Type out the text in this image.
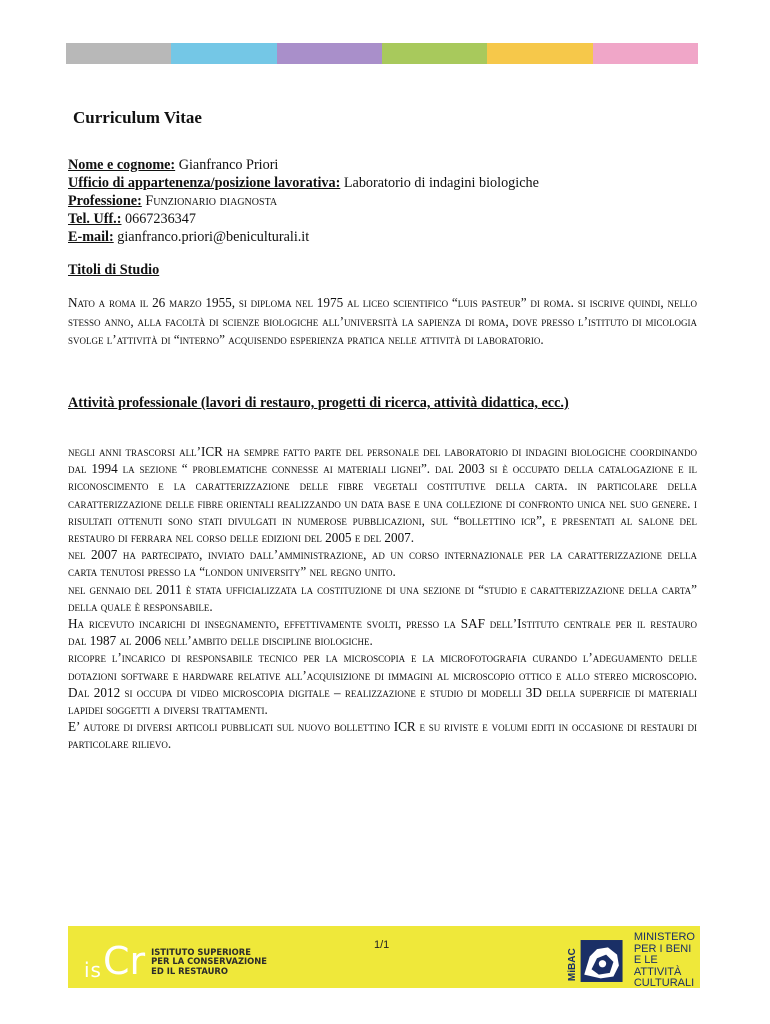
Curriculum Vitae
Nome e cognome: Gianfranco Priori
Ufficio di appartenenza/posizione lavorativa: Laboratorio di indagini biologiche
Professione: Funzionario diagnosta
Tel. Uff.: 0667236347
E-mail: gianfranco.priori@beniculturali.it
Titoli di Studio

Nato a roma il 26 marzo 1955, si diploma nel 1975 al liceo scientifico “luis pasteur” di roma. si iscrive quindi, nello stesso anno, alla facoltà di scienze biologiche all’università la sapienza di roma, dove presso l’istituto di micologia svolge l’attività di “interno” acquisendo esperienza pratica nelle attività di laboratorio.

Attività professionale (lavori di restauro, progetti di ricerca, attività didattica, ecc.)

negli anni trascorsi all’ICR ha sempre fatto parte del personale del laboratorio di indagini biologiche coordinando dal 1994 la sezione “ problematiche connesse ai materiali lignei”. dal 2003 si è occupato della catalogazione e il riconoscimento e la caratterizzazione delle fibre vegetali costitutive della carta. in particolare della caratterizzazione delle fibre orientali realizzando un data base e una collezione di confronto unica nel suo genere. i risultati ottenuti sono stati divulgati in numerose pubblicazioni, sul “bollettino icr”, e presentati al salone del restauro di ferrara nel corso delle edizioni del 2005 e del 2007.

nel 2007 ha partecipato, inviato dall’amministrazione, ad un corso internazionale per la caratterizzazione della carta tenutosi presso la “london university” nel regno unito.

nel gennaio del 2011 è stata ufficializzata la costituzione di una sezione di “studio e caratterizzazione della carta” della quale è responsabile.

Ha ricevuto incarichi di insegnamento, effettivamente svolti, presso la SAF dell’Istituto centrale per il restauro dal 1987 al 2006 nell’ambito delle discipline biologiche.

ricopre l’incarico di responsabile tecnico per la microscopia e la microfotografia curando l’adeguamento delle dotazioni software e hardware relative all’acquisizione di immagini al microscopio ottico e allo stereo microscopio. Dal 2012 si occupa di video microscopia digitale – realizzazione e studio di modelli 3D della superficie di materiali lapidei soggetti a diversi trattamenti.

E’ autore di diversi articoli pubblicati sul nuovo bollettino ICR e su riviste e volumi editi in occasione di restauri di particolare rilievo.

is Cr ISTITUTO SUPERIORE
PER LA CONSERVAZIONE
ED IL RESTAURO
1/1
MiBAC
MINISTERO
PER I BENI
E LE ATTIVITÀ
CULTURALI
